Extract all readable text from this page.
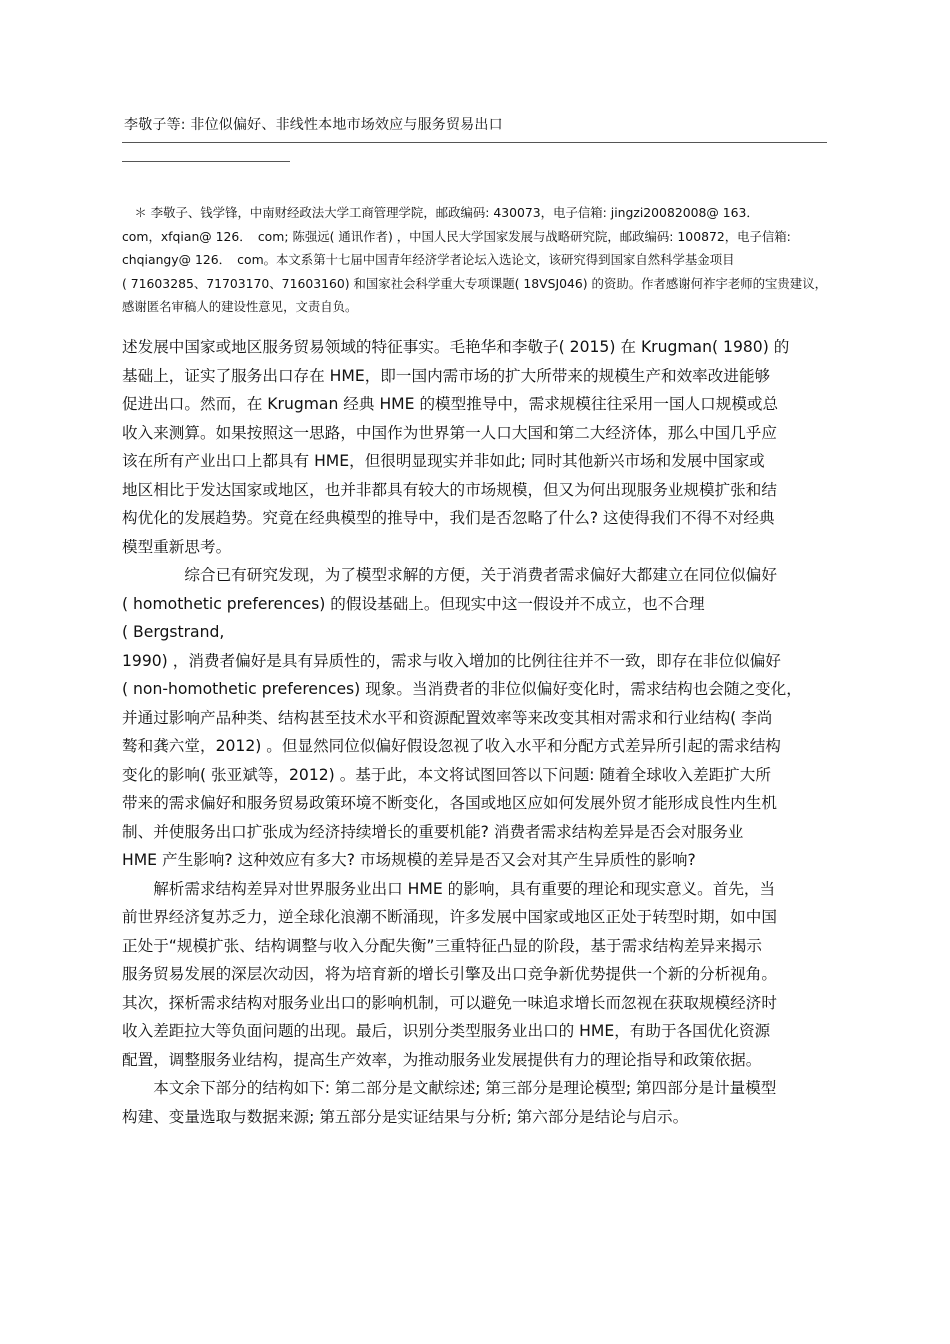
李敬子等: 非位似偏好、非线性本地市场效应与服务贸易出口
　＊ 李敬子、钱学锋，中南财经政法大学工商管理学院，邮政编码: 430073，电子信箱: jingzi20082008@ 163．
com，xfqian@ 126．　com; 陈强远( 通讯作者) ，中国人民大学国家发展与战略研究院，邮政编码: 100872，电子信箱:
chqiangy@ 126．　com。本文系第十七届中国青年经济学者论坛入选论文，该研究得到国家自然科学基金项目
( 71603285、71703170、71603160) 和国家社会科学重大专项课题( 18VSJ046) 的资助。作者感谢何祚宇老师的宝贵建议，
感谢匿名审稿人的建设性意见，文责自负。
述发展中国家或地区服务贸易领域的特征事实。毛艳华和李敬子( 2015) 在 Krugman( 1980) 的
基础上，证实了服务出口存在 HME，即一国内需市场的扩大所带来的规模生产和效率改进能够
促进出口。然而，在 Krugman 经典 HME 的模型推导中，需求规模往往采用一国人口规模或总
收入来测算。如果按照这一思路，中国作为世界第一人口大国和第二大经济体，那么中国几乎应
该在所有产业出口上都具有 HME，但很明显现实并非如此; 同时其他新兴市场和发展中国家或
地区相比于发达国家或地区，也并非都具有较大的市场规模，但又为何出现服务业规模扩张和结
构优化的发展趋势。究竟在经典模型的推导中，我们是否忽略了什么? 这使得我们不得不对经典
模型重新思考。
　　　　综合已有研究发现，为了模型求解的方便，关于消费者需求偏好大都建立在同位似偏好
( homothetic preferences) 的假设基础上。但现实中这一假设并不成立，也不合理
( Bergstrand,
1990) ，消费者偏好是具有异质性的，需求与收入增加的比例往往并不一致，即存在非位似偏好
( non-homothetic preferences) 现象。当消费者的非位似偏好变化时，需求结构也会随之变化，
并通过影响产品种类、结构甚至技术水平和资源配置效率等来改变其相对需求和行业结构( 李尚
骜和龚六堂，2012) 。但显然同位似偏好假设忽视了收入水平和分配方式差异所引起的需求结构
变化的影响( 张亚斌等，2012) 。基于此，本文将试图回答以下问题: 随着全球收入差距扩大所
带来的需求偏好和服务贸易政策环境不断变化，各国或地区应如何发展外贸才能形成良性内生机
制、并使服务出口扩张成为经济持续增长的重要机能? 消费者需求结构差异是否会对服务业
HME 产生影响? 这种效应有多大? 市场规模的差异是否又会对其产生异质性的影响?
　　解析需求结构差异对世界服务业出口 HME 的影响，具有重要的理论和现实意义。首先，当
前世界经济复苏乏力，逆全球化浪潮不断涌现，许多发展中国家或地区正处于转型时期，如中国
正处于“规模扩张、结构调整与收入分配失衡”三重特征凸显的阶段，基于需求结构差异来揭示
服务贸易发展的深层次动因，将为培育新的增长引擎及出口竞争新优势提供一个新的分析视角。
其次，探析需求结构对服务业出口的影响机制，可以避免一味追求增长而忽视在获取规模经济时
收入差距拉大等负面问题的出现。最后，识别分类型服务业出口的 HME，有助于各国优化资源
配置，调整服务业结构，提高生产效率，为推动服务业发展提供有力的理论指导和政策依据。
　　本文余下部分的结构如下: 第二部分是文献综述; 第三部分是理论模型; 第四部分是计量模型
构建、变量选取与数据来源; 第五部分是实证结果与分析; 第六部分是结论与启示。
